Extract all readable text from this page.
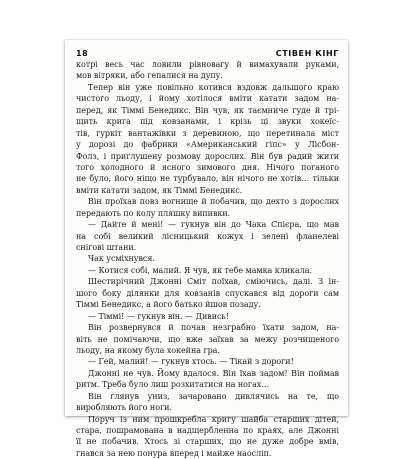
18	СТІВЕН КІНГ
котрі весь час ловили рівновагу й вимахували руками,
мов вітряки, або гепалися на дупу.
Тепер він уже повільно котився вздовж дальшого краю
чистого льоду, і йому хотілося вміти катати задом на-
перед, як Тіммі Бенедикс. Він чув, як таємниче гуде й трі-
щить крига під ковзанами, і крізь ці звуки хокеїс-
тів, гуркіт вантажівки з деревиною, що перетинала міст
у дорозі до фабрики «Американський гіпс» у Лісбон-
Фолз, і приглушену розмову дорослих. Він був радий жити
того холодного й ясного зимового дня. Нічого поганого
не було, його ніщо не турбувало, він нічого не хотів… тільки
вміти катати задом, як Тіммі Бенедикс.
Він проїхав повз вогнище й побачив, що дехто з дорослих
передають по колу пляшку випивки.
— Дайте й мені! — гукнув він до Чака Спієра, що мав
на собі великий лісницький кожух і зелені фланелеві
снігові штани.
Чак усміхнувся.
— Котися собі, малий. Я чув, як тебе мамка кликала.
Шестирічний Джонні Сміт поїхав, сміючись, далі. З ін-
шого боку ділянки для ковзанів спускався від дороги сам
Тіммі Бенедикс, а його батько йшов позаду.
— Тіммі! — гукнув він. — Дивись!
Він розвернувся й почав незграбно їхати задом, на-
віть не помічаючи, що вже заїхав за межу розчищеного
льоду, на якому була хокейна гра.
— Гей, малий! — гукнув хтось. — Тікай з дороги!
Джонні не чув. Йому вдалося. Він їхав задом! Він поймав
ритм. Треба було лиш розхитатися на ногах…
Він глянув униз, зачаровано дивлячись на те, що
виробляють його ноги.
Поруч із ним прошкребла кригу шайба старших дітей,
стара, пошрамована в надщербленна по краях, але Джонні
її не побачив. Хтось зі старших, що не дуже добре вмів,
гнався за нею понура вперед і майже наосліп.
